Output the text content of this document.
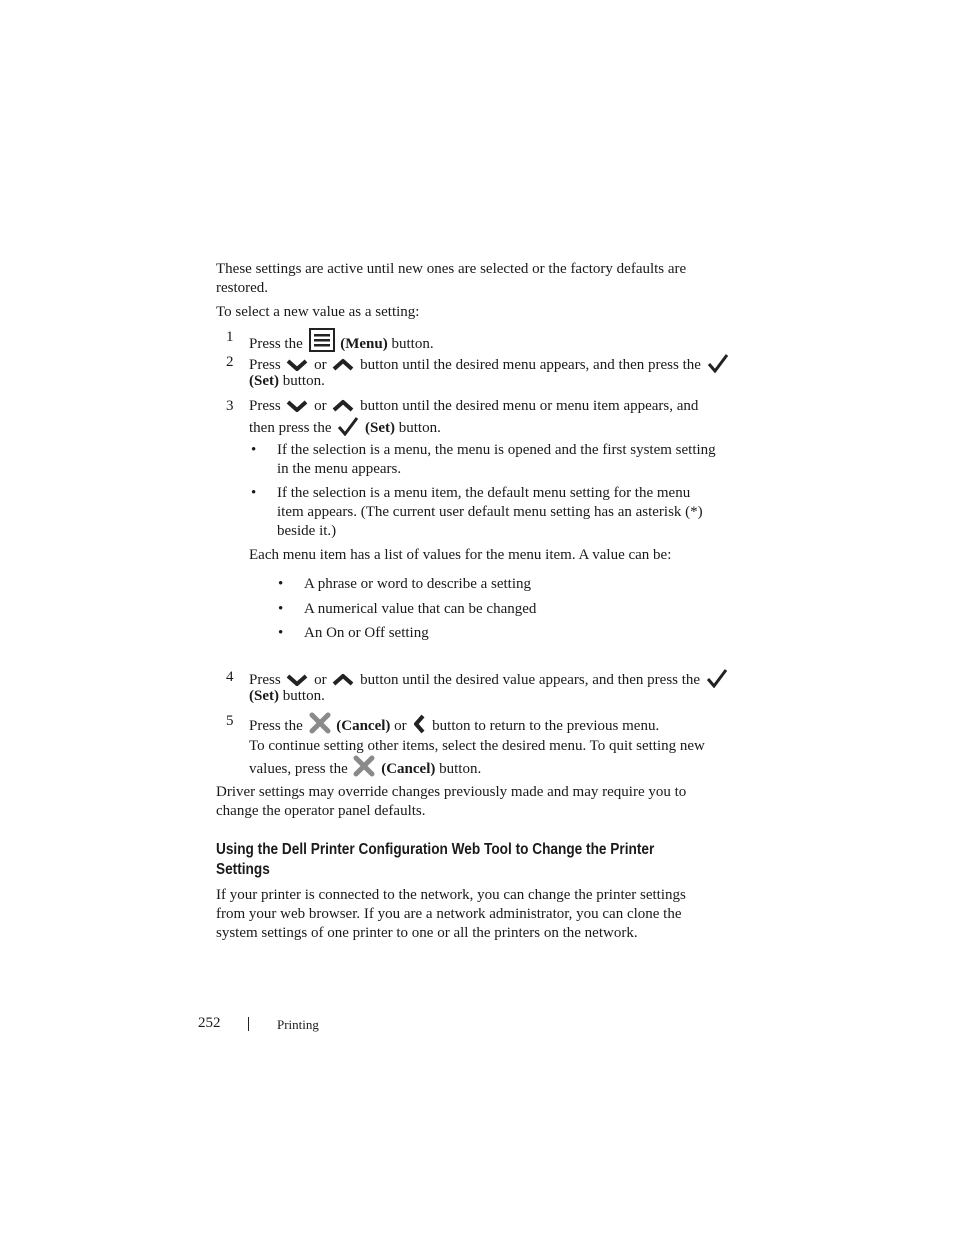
These settings are active until new ones are selected or the factory defaults are
restored.
To select a new value as a setting:
1 Press the	(Menu) button.
2 Press or button until the desired menu appears, and then press the
(Set) button.
3 Press or button until the desired menu or menu item appears, and
then press the (Set) button.
• If the selection is a menu, the menu is opened and the first system setting
in the menu appears.
• If the selection is a menu item, the default menu setting for the menu
item appears. (The current user default menu setting has an asterisk (*)
beside it.)
Each menu item has a list of values for the menu item. A value can be:
• A phrase or word to describe a setting
• A numerical value that can be changed
• An On or Off setting
4 Press or button until the desired value appears, and then press the
(Set) button.
5 Press the (Cancel) or button to return to the previous menu.
To continue setting other items, select the desired menu. To quit setting new
values, press the (Cancel) button.
Driver settings may override changes previously made and may require you to
change the operator panel defaults.
Using the Dell Printer Configuration Web Tool to Change the Printer
Settings
If your printer is connected to the network, you can change the printer settings
from your web browser. If you are a network administrator, you can clone the
system settings of one printer to one or all the printers on the network.
252	Printing
